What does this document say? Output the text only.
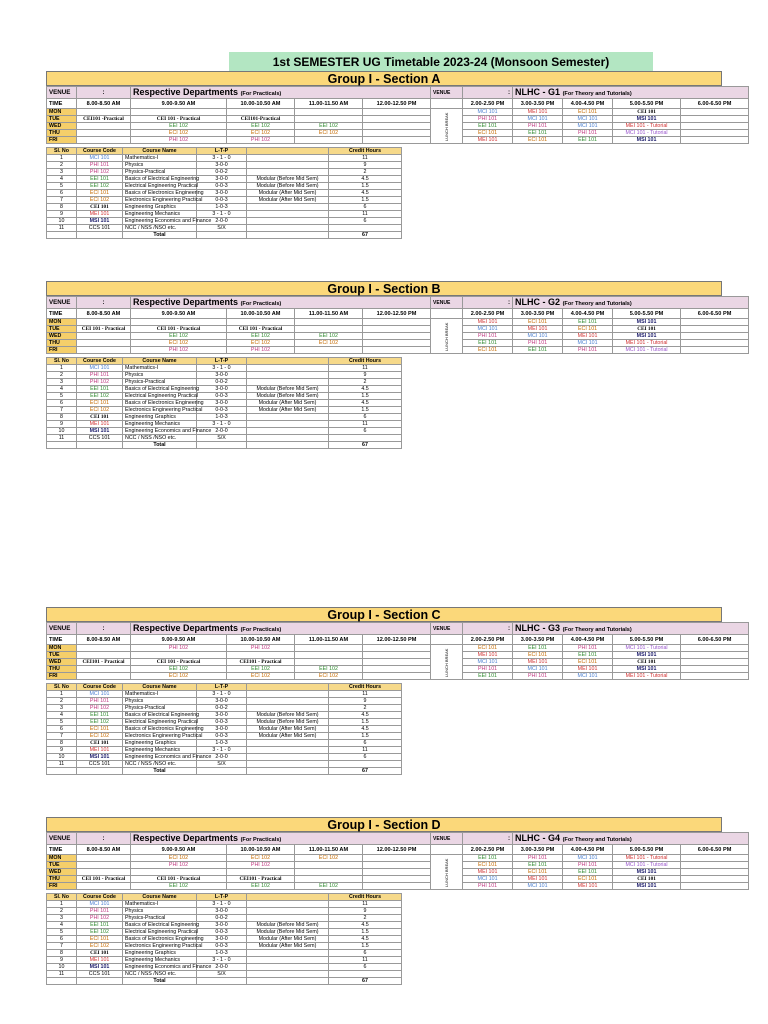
1st SEMESTER UG Timetable 2023-24 (Monsoon Semester)
Group I - Section A
VENUE	:	Respective Departments (For Practicals)				VENUE	:	NLHC - G1 (For Theory and Tutorials)			
TIME	8.00-8.50 AM	9.00-9.50 AM	10.00-10.50 AM	11.00-11.50 AM	12.00-12.50 PM		2.00-2.50 PM	3.00-3.50 PM	4.00-4.50 PM	5.00-5.50 PM	6.00-6.50 PM
MON						LUNCH BREAK	MCI 101	MEI 101	ECI 101	CEI 101	
TUE	CEI101 -Practical	CEI 101 - Practical	CEI101-Practical				PHI 101	MCI 101	MCI 101	MSI 101	
WED		EEI 102	EEI 102	EEI 102			EEI 101	PHI 101	MCI 101	MEI 101 - Tutorial	
THU		ECI 102	ECI 102	ECI 102			ECI 101	EEI 101	PHI 101	MCI 101 - Tutorial	
FRI		PHI 102	PHI 102				MEI 101	ECI 101	EEI 101	MSI 101	
Sl. No	Course Code	Course Name	L-T-P		Credit Hours
1	MCI 101	Mathematics-I	3 - 1 - 0		11
2	PHI 101	Physics	3-0-0		9
3	PHI 102	Physics-Practical	0-0-2		2
4	EEI 101	Basics of Electrical Engineering	3-0-0	Modular (Before Mid Sem)	4.5
5	EEI 102	Electrical Engineering Practical	0-0-3	Modular (Before Mid Sem)	1.5
6	ECI 101	Basics of Electronics Engineering	3-0-0	Modular (After Mid Sem)	4.5
7	ECI 102	Electronics Engineering Practical	0-0-3	Modular (After Mid Sem)	1.5
8	CEI 101	Engineering Graphics	1-0-3		6
9	MEI 101	Engineering Mechanics	3 - 1 - 0		11
10	MSI 101	Engineering Economics and Finance	2-0-0		6
11	CCS 101	NCC / NSS /NSO etc.	S/X		
		Total			67
Group I - Section B
VENUE	:	Respective Departments (For Practicals)				VENUE	:	NLHC - G2 (For Theory and Tutorials)			
TIME	8.00-8.50 AM	9.00-9.50 AM	10.00-10.50 AM	11.00-11.50 AM	12.00-12.50 PM		2.00-2.50 PM	3.00-3.50 PM	4.00-4.50 PM	5.00-5.50 PM	6.00-6.50 PM
MON						LUNCH BREAK	MEI 101	ECI 101	EEI 101	MSI 101	
TUE	CEI 101 - Practical	CEI 101 - Practical	CEI 101 - Practical				MCI 101	MEI 101	ECI 101	CEI 101	
WED		EEI 102	EEI 102	EEI 102			PHI 101	MCI 101	MEI 101	MSI 101	
THU		ECI 102	ECI 102	ECI 102			EEI 101	PHI 101	MCI 101	MEI 101 - Tutorial	
FRI		PHI 102	PHI 102				ECI 101	EEI 101	PHI 101	MCI 101 - Tutorial	
Sl. No	Course Code	Course Name	L-T-P		Credit Hours
1	MCI 101	Mathematics-I	3 - 1 - 0		11
2	PHI 101	Physics	3-0-0		9
3	PHI 102	Physics-Practical	0-0-2		2
4	EEI 101	Basics of Electrical Engineering	3-0-0	Modular (Before Mid Sem)	4.5
5	EEI 102	Electrical Engineering Practical	0-0-3	Modular (Before Mid Sem)	1.5
6	ECI 101	Basics of Electronics Engineering	3-0-0	Modular (After Mid Sem)	4.5
7	ECI 102	Electronics Engineering Practical	0-0-3	Modular (After Mid Sem)	1.5
8	CEI 101	Engineering Graphics	1-0-3		6
9	MEI 101	Engineering Mechanics	3 - 1 - 0		11
10	MSI 101	Engineering Economics and Finance	2-0-0		6
11	CCS 101	NCC / NSS /NSO etc.	S/X		
		Total			67
Group I - Section C
VENUE	:	Respective Departments (For Practicals)				VENUE	:	NLHC - G3 (For Theory and Tutorials)			
TIME	8.00-8.50 AM	9.00-9.50 AM	10.00-10.50 AM	11.00-11.50 AM	12.00-12.50 PM		2.00-2.50 PM	3.00-3.50 PM	4.00-4.50 PM	5.00-5.50 PM	6.00-6.50 PM
MON		PHI 102	PHI 102			LUNCH BREAK	ECI 101	EEI 101	PHI 101	MCI 101 - Tutorial	
TUE							MEI 101	ECI 101	EEI 101	MSI 101	
WED	CEI101 - Practical	CEI 101 - Practical	CEI101 - Practical				MCI 101	MEI 101	ECI 101	CEI 101	
THU		EEI 102	EEI 102	EEI 102			PHI 101	MCI 101	MEI 101	MSI 101	
FRI		ECI 102	ECI 102	ECI 102			EEI 101	PHI 101	MCI 101	MEI 101 - Tutorial	
Sl. No	Course Code	Course Name	L-T-P		Credit Hours
1	MCI 101	Mathematics-I	3 - 1 - 0		11
2	PHI 101	Physics	3-0-0		9
3	PHI 102	Physics-Practical	0-0-2		2
4	EEI 101	Basics of Electrical Engineering	3-0-0	Modular (Before Mid Sem)	4.5
5	EEI 102	Electrical Engineering Practical	0-0-3	Modular (Before Mid Sem)	1.5
6	ECI 101	Basics of Electronics Engineering	3-0-0	Modular (After Mid Sem)	4.5
7	ECI 102	Electronics Engineering Practical	0-0-3	Modular (After Mid Sem)	1.5
8	CEI 101	Engineering Graphics	1-0-3		6
9	MEI 101	Engineering Mechanics	3 - 1 - 0		11
10	MSI 101	Engineering Economics and Finance	2-0-0		6
11	CCS 101	NCC / NSS /NSO etc.	S/X		
		Total			67
Group I - Section D
VENUE	:	Respective Departments (For Practicals)				VENUE	:	NLHC - G4 (For Theory and Tutorials)			
TIME	8.00-8.50 AM	9.00-9.50 AM	10.00-10.50 AM	11.00-11.50 AM	12.00-12.50 PM		2.00-2.50 PM	3.00-3.50 PM	4.00-4.50 PM	5.00-5.50 PM	6.00-6.50 PM
MON		ECI 102	ECI 102	ECI 102		LUNCH BREAK	EEI 101	PHI 101	MCI 101	MEI 101 - Tutorial	
TUE		PHI 102	PHI 102				ECI 101	EEI 101	PHI 101	MCI 101 - Tutorial	
WED							MEI 101	ECI 101	EEI 101	MSI 101	
THU	CEI 101 - Practical	CEI 101 - Practical	CEI101 - Practical				MCI 101	MEI 101	ECI 101	CEI 101	
FRI		EEI 102	EEI 102	EEI 102			PHI 101	MCI 101	MEI 101	MSI 101	
Sl. No	Course Code	Course Name	L-T-P		Credit Hours
1	MCI 101	Mathematics-I	3 - 1 - 0		11
2	PHI 101	Physics	3-0-0		9
3	PHI 102	Physics-Practical	0-0-2		2
4	EEI 101	Basics of Electrical Engineering	3-0-0	Modular (Before Mid Sem)	4.5
5	EEI 102	Electrical Engineering Practical	0-0-3	Modular (Before Mid Sem)	1.5
6	ECI 101	Basics of Electronics Engineering	3-0-0	Modular (After Mid Sem)	4.5
7	ECI 102	Electronics Engineering Practical	0-0-3	Modular (After Mid Sem)	1.5
8	CEI 101	Engineering Graphics	1-0-3		6
9	MEI 101	Engineering Mechanics	3 - 1 - 0		11
10	MSI 101	Engineering Economics and Finance	2-0-0		6
11	CCS 101	NCC / NSS /NSO etc.	S/X		
		Total			67
